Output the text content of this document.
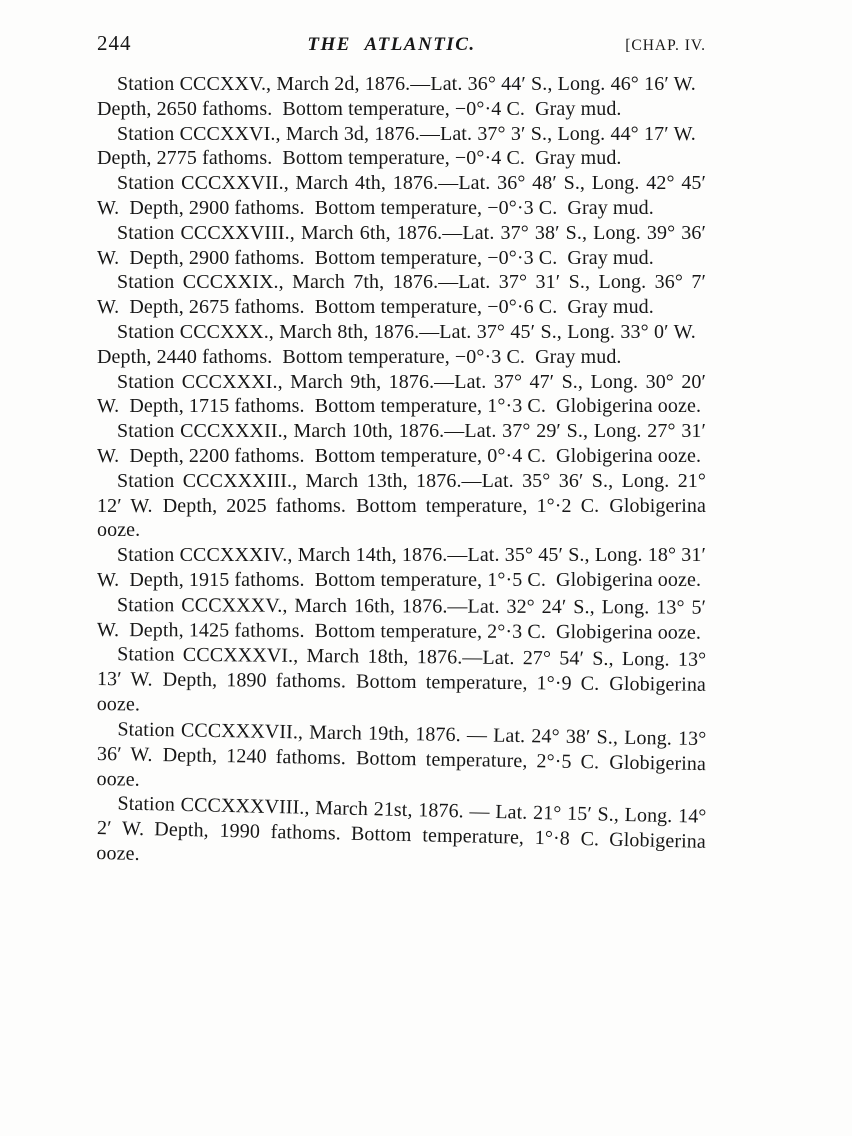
244	THE ATLANTIC.	[CHAP. IV.

Station CCCXXV., March 2d, 1876.—Lat. 36° 44′ S., Long. 46° 16′ W. Depth, 2650 fathoms. Bottom temperature, −0°·4 C. Gray mud.

Station CCCXXVI., March 3d, 1876.—Lat. 37° 3′ S., Long. 44° 17′ W. Depth, 2775 fathoms. Bottom temperature, −0°·4 C. Gray mud.

Station CCCXXVII., March 4th, 1876.—Lat. 36° 48′ S., Long. 42° 45′ W. Depth, 2900 fathoms. Bottom temperature, −0°·3 C. Gray mud.

Station CCCXXVIII., March 6th, 1876.—Lat. 37° 38′ S., Long. 39° 36′ W. Depth, 2900 fathoms. Bottom temperature, −0°·3 C. Gray mud.

Station CCCXXIX., March 7th, 1876.—Lat. 37° 31′ S., Long. 36° 7′ W. Depth, 2675 fathoms. Bottom temperature, −0°·6 C. Gray mud.

Station CCCXXX., March 8th, 1876.—Lat. 37° 45′ S., Long. 33° 0′ W. Depth, 2440 fathoms. Bottom temperature, −0°·3 C. Gray mud.

Station CCCXXXI., March 9th, 1876.—Lat. 37° 47′ S., Long. 30° 20′ W. Depth, 1715 fathoms. Bottom temperature, 1°·3 C. Globigerina ooze.

Station CCCXXXII., March 10th, 1876.—Lat. 37° 29′ S., Long. 27° 31′ W. Depth, 2200 fathoms. Bottom temperature, 0°·4 C. Globigerina ooze.

Station CCCXXXIII., March 13th, 1876.—Lat. 35° 36′ S., Long. 21° 12′ W. Depth, 2025 fathoms. Bottom temperature, 1°·2 C. Globigerina ooze.

Station CCCXXXIV., March 14th, 1876.—Lat. 35° 45′ S., Long. 18° 31′ W. Depth, 1915 fathoms. Bottom temperature, 1°·5 C. Globigerina ooze.

Station CCCXXXV., March 16th, 1876.—Lat. 32° 24′ S., Long. 13° 5′ W. Depth, 1425 fathoms. Bottom temperature, 2°·3 C. Globigerina ooze.

Station CCCXXXVI., March 18th, 1876.—Lat. 27° 54′ S., Long. 13° 13′ W. Depth, 1890 fathoms. Bottom temperature, 1°·9 C. Globigerina ooze.

Station CCCXXXVII., March 19th, 1876. — Lat. 24° 38′ S., Long. 13° 36′ W. Depth, 1240 fathoms. Bottom temperature, 2°·5 C. Globigerina ooze.

Station CCCXXXVIII., March 21st, 1876. — Lat. 21° 15′ S., Long. 14° 2′ W. Depth, 1990 fathoms. Bottom temperature, 1°·8 C. Globigerina ooze.
